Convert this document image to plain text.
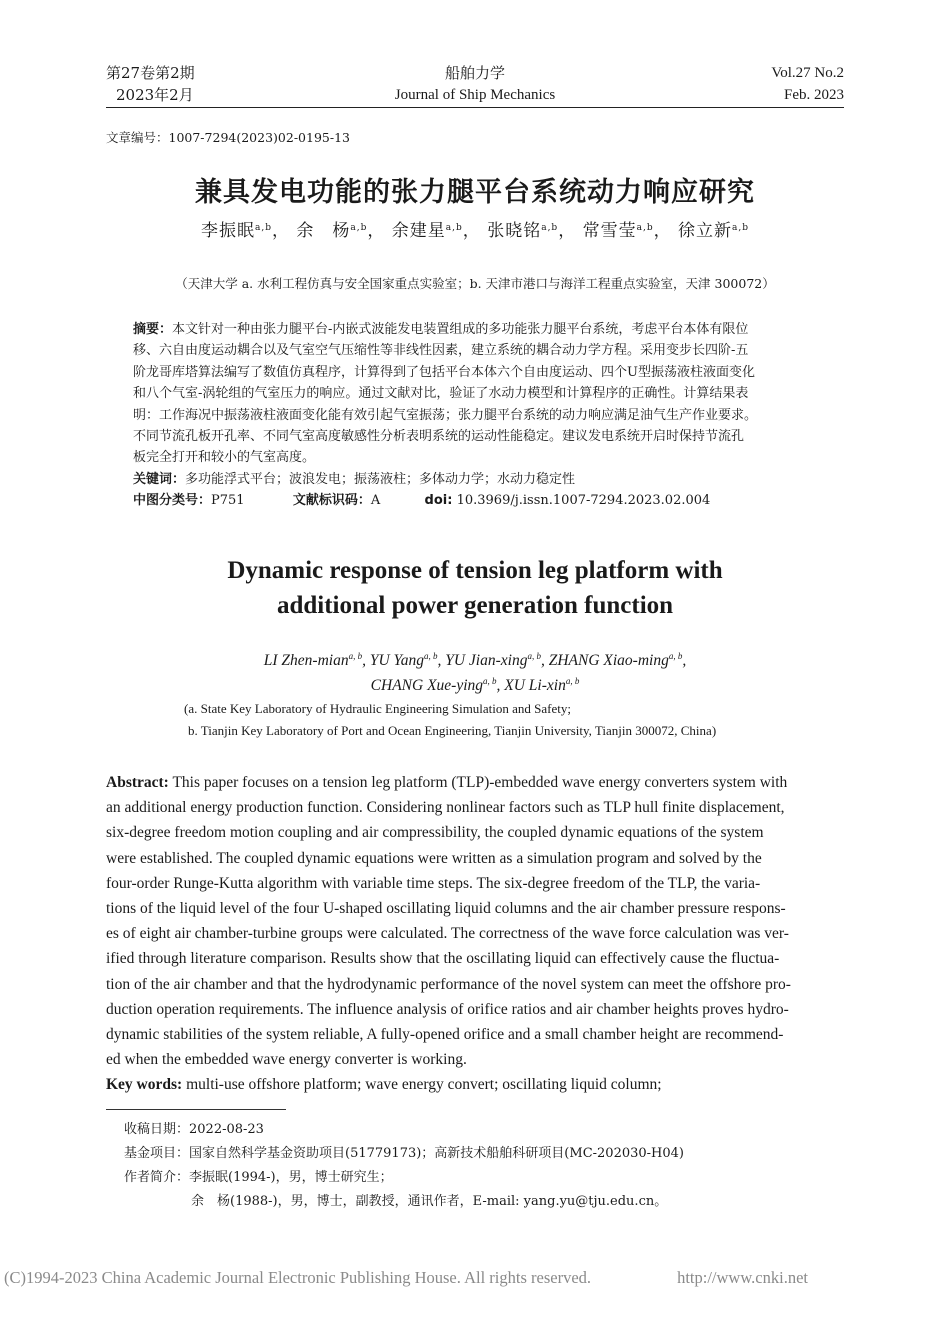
第27卷第2期
2023年2月
船舶力学
Journal of Ship Mechanics
Vol.27 No.2
Feb. 2023
文章编号：1007-7294(2023)02-0195-13
兼具发电功能的张力腿平台系统动力响应研究
李振眠$^{a,b}$， 余　杨$^{a,b}$， 余建星$^{a,b}$， 张晓铭$^{a,b}$， 常雪莹$^{a,b}$， 徐立新$^{a,b}$
（天津大学 a. 水利工程仿真与安全国家重点实验室；b. 天津市港口与海洋工程重点实验室，天津 300072）
摘要：本文针对一种由张力腿平台-内嵌式波能发电装置组成的多功能张力腿平台系统，考虑平台本体有限位
移、六自由度运动耦合以及气室空气压缩性等非线性因素，建立系统的耦合动力学方程。采用变步长四阶-五
阶龙哥库塔算法编写了数值仿真程序，计算得到了包括平台本体六个自由度运动、四个U型振荡液柱液面变化
和八个气室-涡轮组的气室压力的响应。通过文献对比，验证了水动力模型和计算程序的正确性。计算结果表
明：工作海况中振荡液柱液面变化能有效引起气室振荡；张力腿平台系统的动力响应满足油气生产作业要求。
不同节流孔板开孔率、不同气室高度敏感性分析表明系统的运动性能稳定。建议发电系统开启时保持节流孔
板完全打开和较小的气室高度。
关键词：多功能浮式平台；波浪发电；振荡液柱；多体动力学；水动力稳定性
中图分类号：P751	文献标识码：A	doi: 10.3969/j.issn.1007-7294.2023.02.004
Dynamic response of tension leg platform with
additional power generation function
LI Zhen-mian$^{a, b}$, YU Yang$^{a, b}$, YU Jian-xing$^{a, b}$, ZHANG Xiao-ming$^{a, b}$,
CHANG Xue-ying$^{a, b}$, XU Li-xin$^{a, b}$
(a. State Key Laboratory of Hydraulic Engineering Simulation and Safety;
b. Tianjin Key Laboratory of Port and Ocean Engineering, Tianjin University, Tianjin 300072, China)
Abstract: This paper focuses on a tension leg platform (TLP)-embedded wave energy converters system with
an additional energy production function. Considering nonlinear factors such as TLP hull finite displacement,
six-degree freedom motion coupling and air compressibility, the coupled dynamic equations of the system
were established. The coupled dynamic equations were written as a simulation program and solved by the
four-order Runge-Kutta algorithm with variable time steps. The six-degree freedom of the TLP, the varia-
tions of the liquid level of the four U-shaped oscillating liquid columns and the air chamber pressure respons-
es of eight air chamber-turbine groups were calculated. The correctness of the wave force calculation was ver-
ified through literature comparison. Results show that the oscillating liquid can effectively cause the fluctua-
tion of the air chamber and that the hydrodynamic performance of the novel system can meet the offshore pro-
duction operation requirements. The influence analysis of orifice ratios and air chamber heights proves hydro-
dynamic stabilities of the system reliable, A fully-opened orifice and a small chamber height are recommend-
ed when the embedded wave energy converter is working.
Key words: multi-use offshore platform; wave energy convert; oscillating liquid column;
收稿日期：2022-08-23
基金项目：国家自然科学基金资助项目(51779173)；高新技术船舶科研项目(MC-202030-H04)
作者简介：李振眠(1994-)，男，博士研究生；
余　杨(1988-)，男，博士，副教授，通讯作者，E-mail: yang.yu@tju.edu.cn。
(C)1994-2023 China Academic Journal Electronic Publishing House. All rights reserved.	http://www.cnki.net
